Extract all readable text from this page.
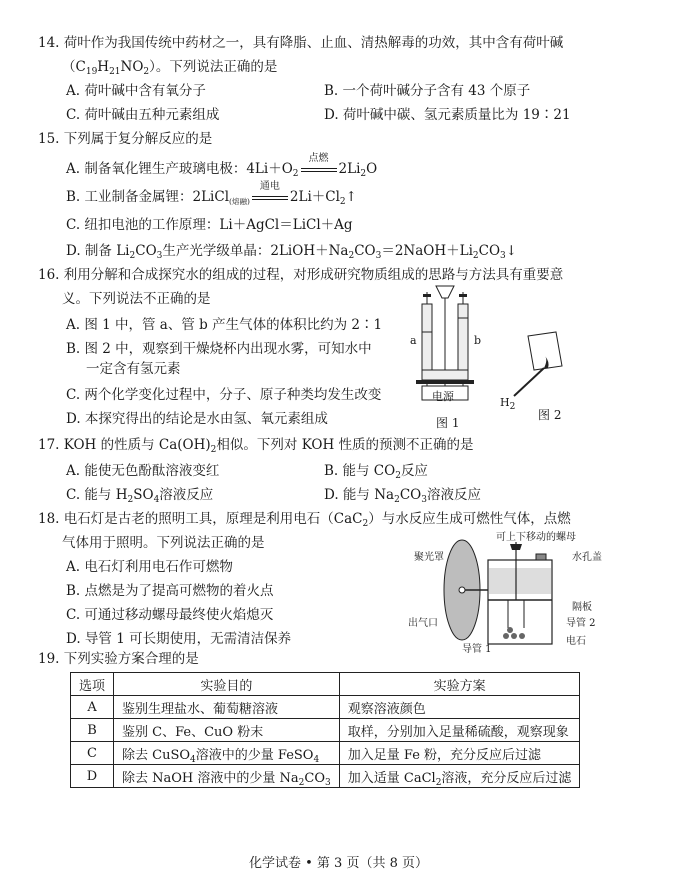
14. 荷叶作为我国传统中药材之一，具有降脂、止血、清热解毒的功效，其中含有荷叶碱
$(C_{19}H_{21}NO_2)$。下列说法正确的是
A. 荷叶碱中含有氧分子	B. 一个荷叶碱分子含有 43 个原子
C. 荷叶碱由五种元素组成	D. 荷叶碱中碳、氢元素质量比为 19∶21
15. 下列属于复分解反应的是
A. 制备氧化锂生产玻璃电极：$4Li+O_2$
点燃
$2Li_2O$
B. 工业制备金属锂：2LiCl$_{(熔融)}$
通电
$2Li+Cl_2↑$
C. 纽扣电池的工作原理：Li＋AgCl＝LiCl＋Ag
D. 制备 $Li_2CO_3$生产光学级单晶：$2LiOH+Na_2CO_3=2NaOH+Li_2CO_3↓$
16. 利用分解和合成探究水的组成的过程，对形成研究物质组成的思路与方法具有重要意
义。下列说法不正确的是
A. 图 1 中，管 a、管 b 产生气体的体积比约为 2∶1
B. 图 2 中，观察到干燥烧杯内出现水雾，可知水中
一定含有氢元素
C. 两个化学变化过程中，分子、原子种类均发生改变
D. 本探究得出的结论是水由氢、氧元素组成
a	b
电源
图 1
$H_2$
图 2
17. KOH 的性质与 $Ca(OH)_2$相似。下列对 KOH 性质的预测不正确的是
A. 能使无色酚酞溶液变红	B. 能与 $CO_2$反应
C. 能与 $H_2SO_4$溶液反应	D. 能与 $Na_2CO_3$溶液反应
18. 电石灯是古老的照明工具，原理是利用电石（CaC$_2$）与水反应生成可燃性气体，点燃
气体用于照明。下列说法正确的是
A. 电石灯利用电石作可燃物
B. 点燃是为了提高可燃物的着火点
C. 可通过移动螺母最终使火焰熄灭
D. 导管 1 可长期使用，无需清洁保养
可上下移动的螺母
聚光罩	水孔盖
隔板
出气口	导管 2
导管 1
电石
19. 下列实验方案合理的是
选项	实验目的	实验方案
A	鉴别生理盐水、葡萄糖溶液	观察溶液颜色
B	鉴别 C、Fe、CuO 粉末	取样，分别加入足量稀硫酸，观察现象
C	除去 CuSO$_4$溶液中的少量 FeSO$_4$	加入足量 Fe 粉，充分反应后过滤
D	除去 NaOH 溶液中的少量 $Na_2CO_3$	加入适量 CaCl$_2$溶液，充分反应后过滤
化学试卷 • 第 3 页（共 8 页）
